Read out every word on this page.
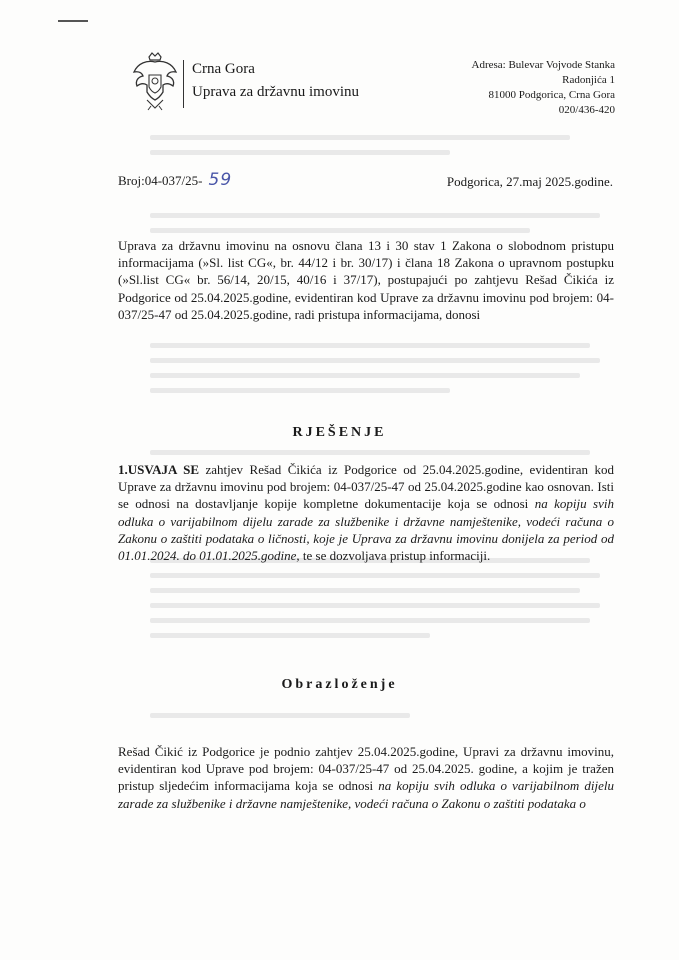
Crna Gora
Uprava za državnu imovinu
Adresa: Bulevar Vojvode Stanka
Radonjića 1
81000 Podgorica, Crna Gora
020/436-420
Broj:04-037/25- 59	Podgorica, 27.maj 2025.godine.
Uprava za državnu imovinu na osnovu člana 13 i 30 stav 1 Zakona o slobodnom pristupu informacijama (»Sl. list CG«, br. 44/12 i br. 30/17) i člana 18 Zakona o upravnom postupku (»Sl.list CG« br. 56/14, 20/15, 40/16 i 37/17), postupajući po zahtjevu Rešad Čikića iz Podgorice od 25.04.2025.godine, evidentiran kod Uprave za državnu imovinu pod brojem: 04-037/25-47 od 25.04.2025.godine, radi pristupa informacijama, donosi
RJEŠENJE
1.USVAJA SE zahtjev Rešad Čikića iz Podgorice od 25.04.2025.godine, evidentiran kod Uprave za državnu imovinu pod brojem: 04-037/25-47 od 25.04.2025.godine kao osnovan. Isti se odnosi na dostavljanje kopije kompletne dokumentacije koja se odnosi na kopiju svih odluka o varijabilnom dijelu zarade za službenike i državne namještenike, vodeći računa o Zakonu o zaštiti podataka o ličnosti, koje je Uprava za državnu imovinu donijela za period od 01.01.2024. do 01.01.2025.godine, te se dozvoljava pristup informaciji.
Obrazloženje
Rešad Čikić iz Podgorice je podnio zahtjev 25.04.2025.godine, Upravi za državnu imovinu, evidentiran kod Uprave pod brojem: 04-037/25-47 od 25.04.2025. godine, a kojim je tražen pristup sljedećim informacijama koja se odnosi na kopiju svih odluka o varijabilnom dijelu zarade za službenike i državne namještenike, vodeći računa o Zakonu o zaštiti podataka o
